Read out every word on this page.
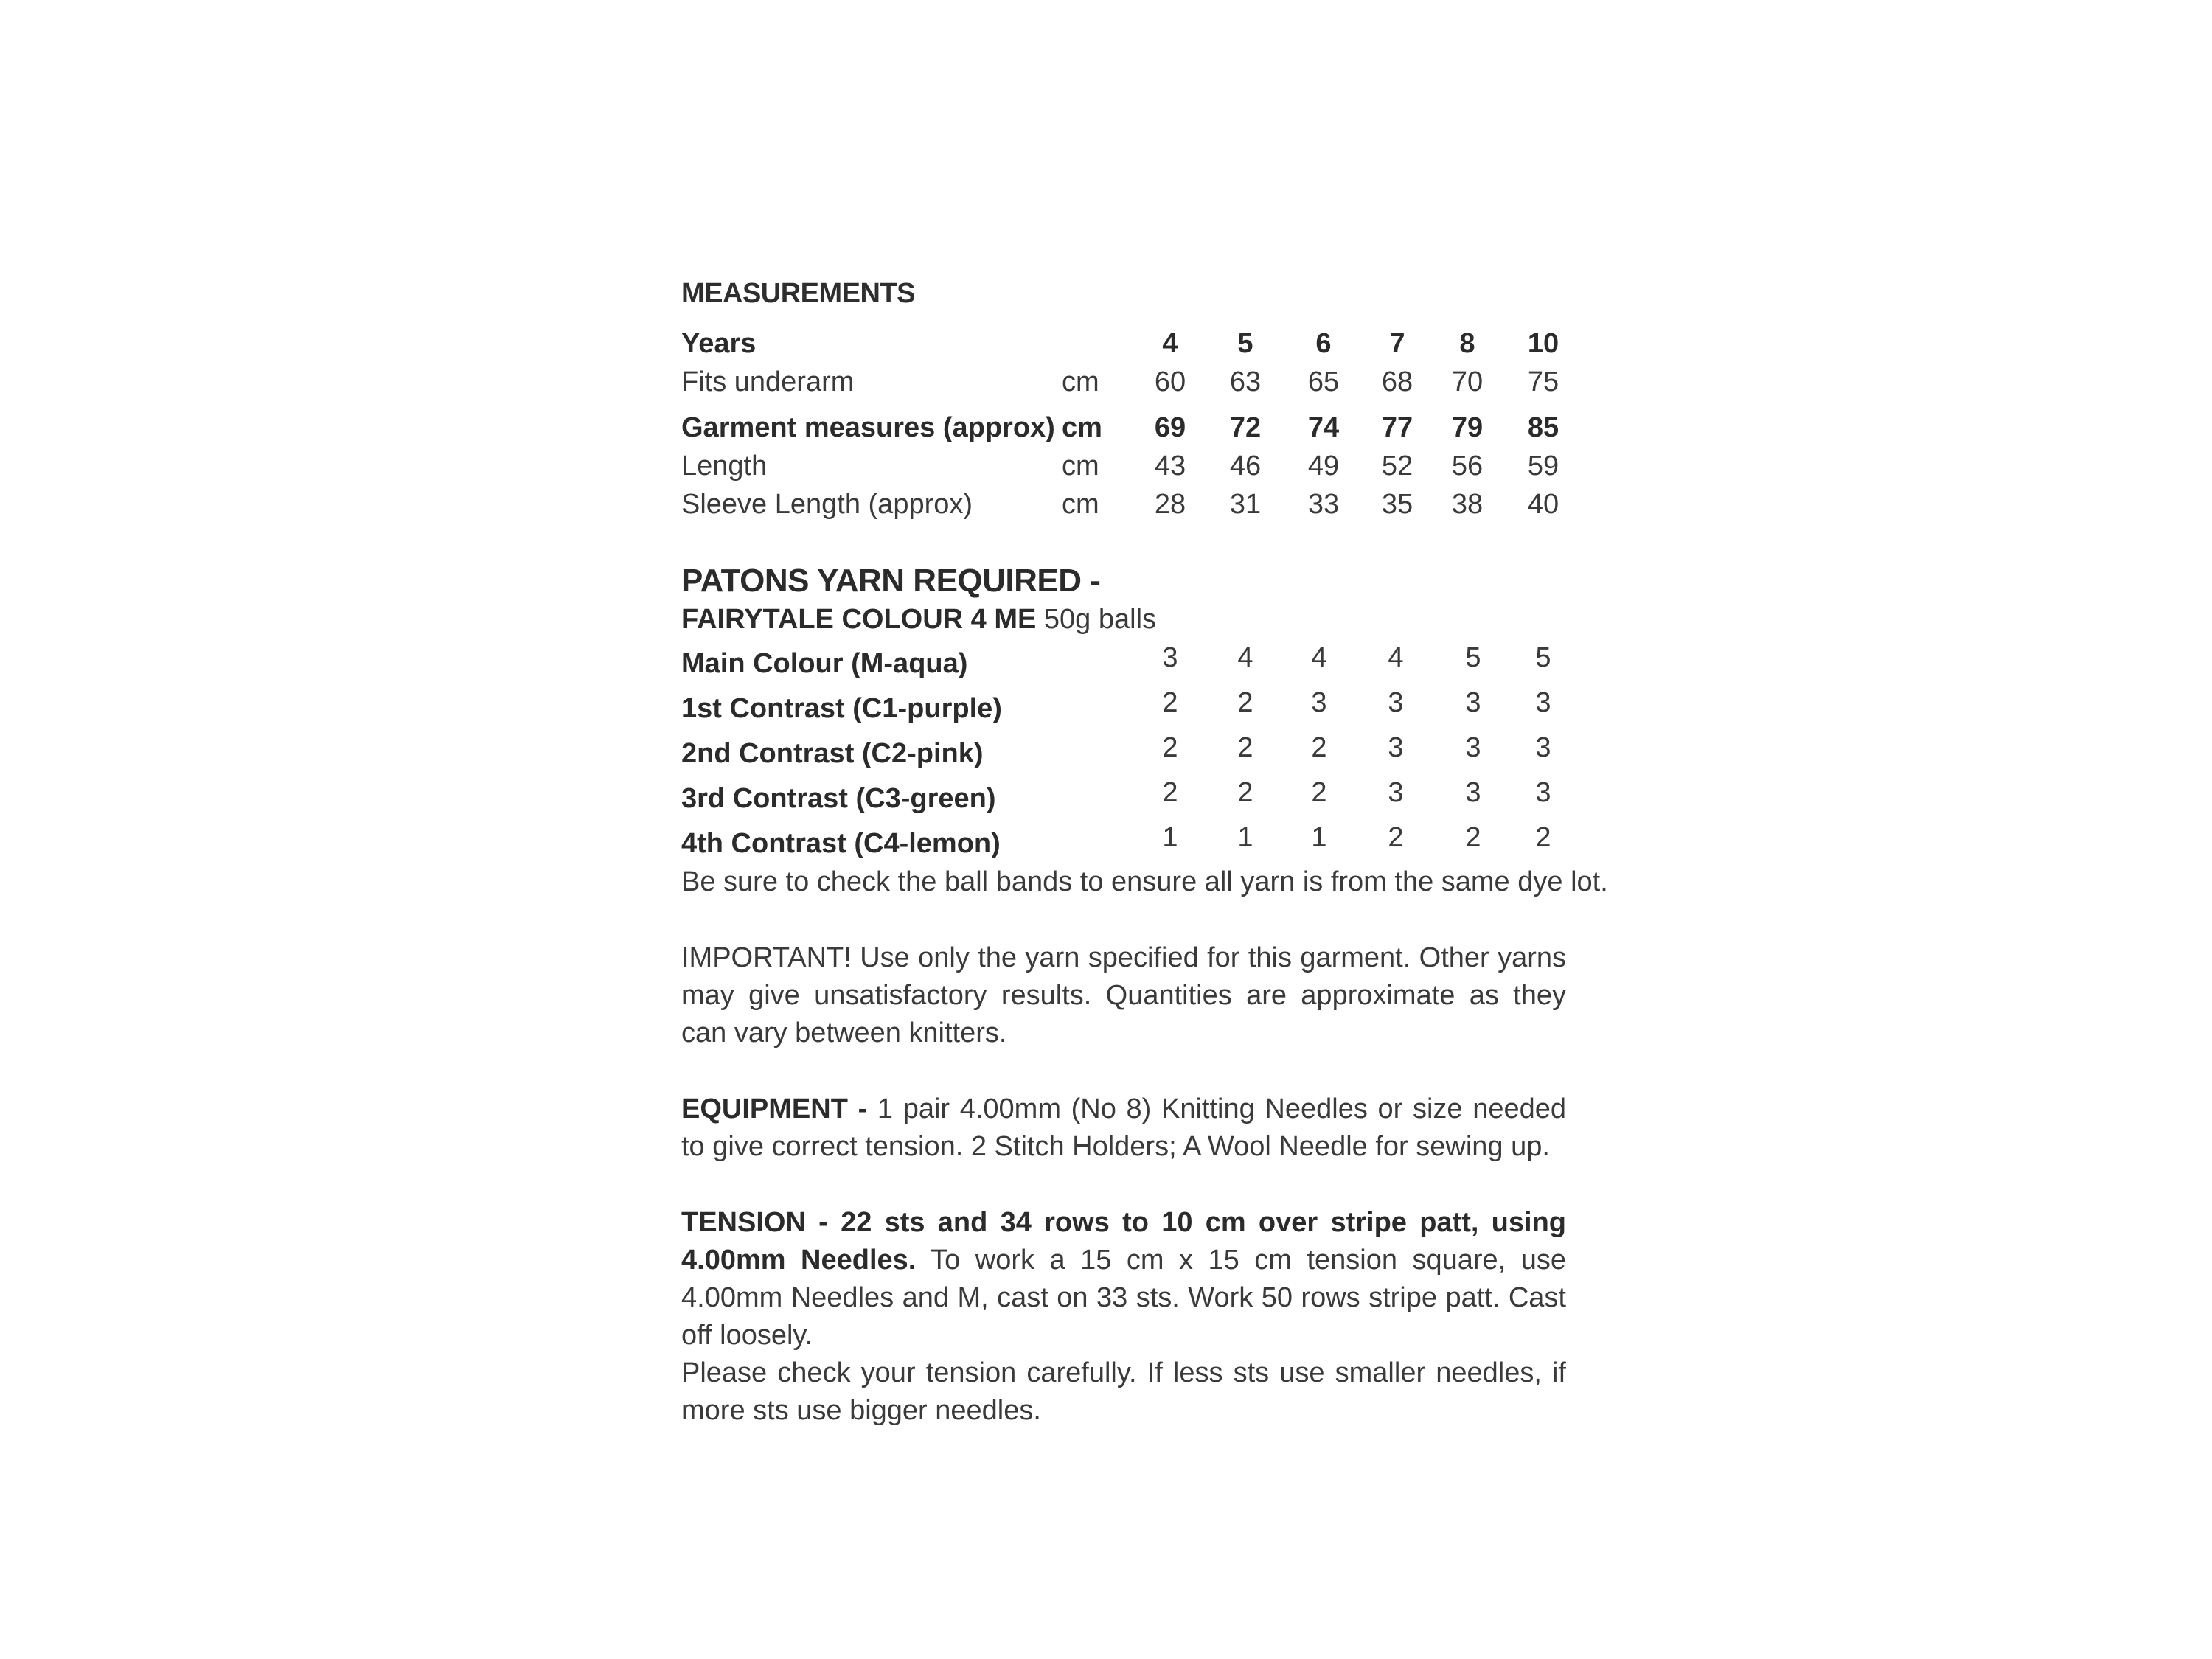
MEASUREMENTS
Years	4	5	6	7	8	10
Fits underarm	cm	60	63	65	68	70	75
Garment measures (approx) cm	69	72	74	77	79	85
Length	cm	43	46	49	52	56	59
Sleeve Length (approx)	cm	28	31	33	35	38	40
PATONS YARN REQUIRED -
FAIRYTALE COLOUR 4 ME 50g balls
Main Colour (M-aqua)	3	4	4	4	5	5
1st Contrast (C1-purple)	2	2	3	3	3	3
2nd Contrast (C2-pink)	2	2	2	3	3	3
3rd Contrast (C3-green)	2	2	2	3	3	3
4th Contrast (C4-lemon)	1	1	1	2	2	2

Be sure to check the ball bands to ensure all yarn is from the same dye lot.

IMPORTANT! Use only the yarn specified for this garment. Other yarns may give unsatisfactory results. Quantities are approximate as they can vary between knitters.

EQUIPMENT - 1 pair 4.00mm (No 8) Knitting Needles or size needed to give correct tension. 2 Stitch Holders; A Wool Needle for sewing up.

TENSION - 22 sts and 34 rows to 10 cm over stripe patt, using 4.00mm Needles. To work a 15 cm x 15 cm tension square, use 4.00mm Needles and M, cast on 33 sts. Work 50 rows stripe patt. Cast off loosely.
Please check your tension carefully. If less sts use smaller needles, if more sts use bigger needles.
